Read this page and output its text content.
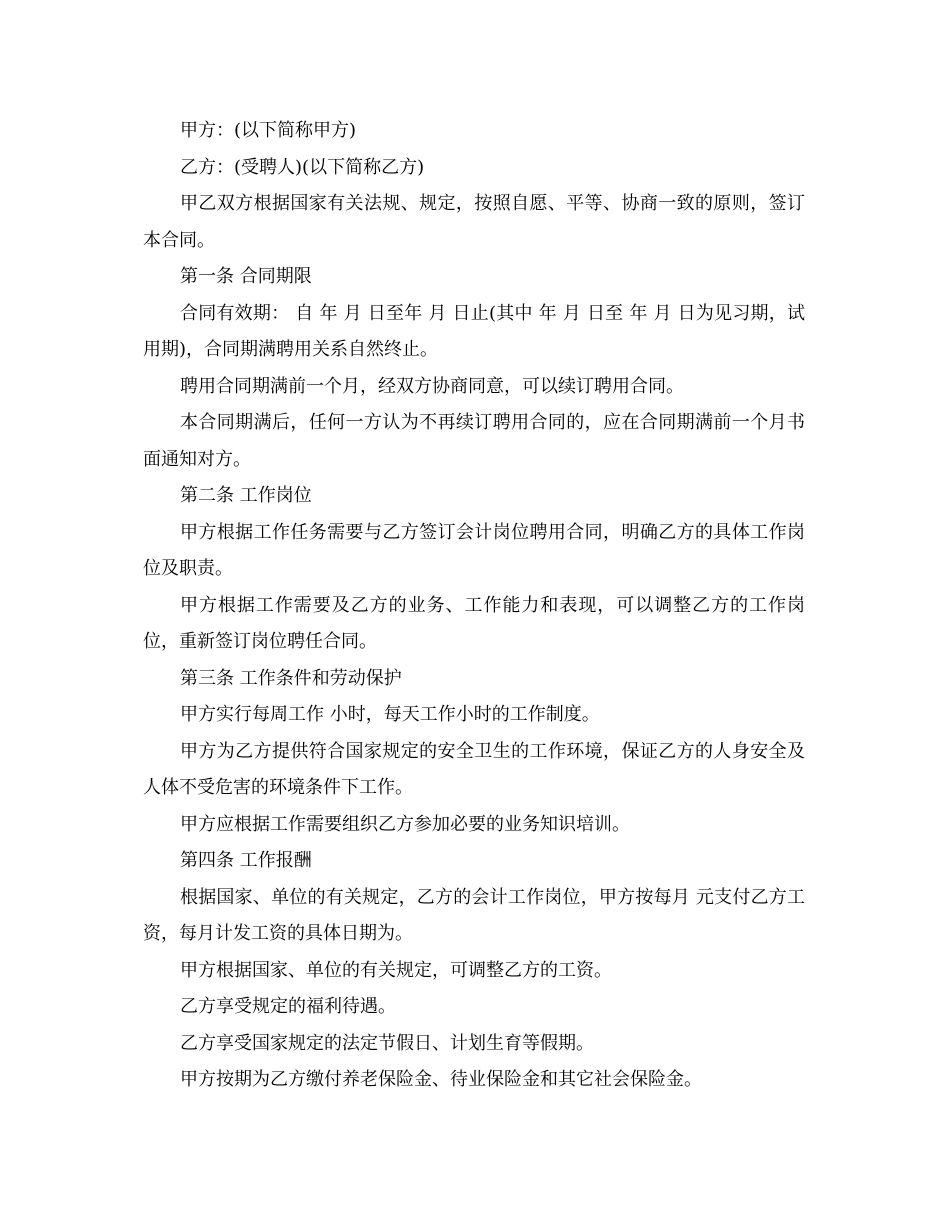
甲方：(以下简称甲方)

乙方：(受聘人)(以下简称乙方)

甲乙双方根据国家有关法规、规定，按照自愿、平等、协商一致的原则，签订本合同。

第一条 合同期限

合同有效期： 自 年 月 日至年 月 日止(其中 年 月 日至 年 月 日为见习期，试用期)，合同期满聘用关系自然终止。

聘用合同期满前一个月，经双方协商同意，可以续订聘用合同。

本合同期满后，任何一方认为不再续订聘用合同的，应在合同期满前一个月书面通知对方。

第二条 工作岗位

甲方根据工作任务需要与乙方签订会计岗位聘用合同，明确乙方的具体工作岗位及职责。

甲方根据工作需要及乙方的业务、工作能力和表现，可以调整乙方的工作岗位，重新签订岗位聘任合同。

第三条 工作条件和劳动保护

甲方实行每周工作 小时，每天工作小时的工作制度。

甲方为乙方提供符合国家规定的安全卫生的工作环境，保证乙方的人身安全及人体不受危害的环境条件下工作。

甲方应根据工作需要组织乙方参加必要的业务知识培训。

第四条 工作报酬

根据国家、单位的有关规定，乙方的会计工作岗位，甲方按每月 元支付乙方工资，每月计发工资的具体日期为。

甲方根据国家、单位的有关规定，可调整乙方的工资。

乙方享受规定的福利待遇。

乙方享受国家规定的法定节假日、计划生育等假期。

甲方按期为乙方缴付养老保险金、待业保险金和其它社会保险金。
